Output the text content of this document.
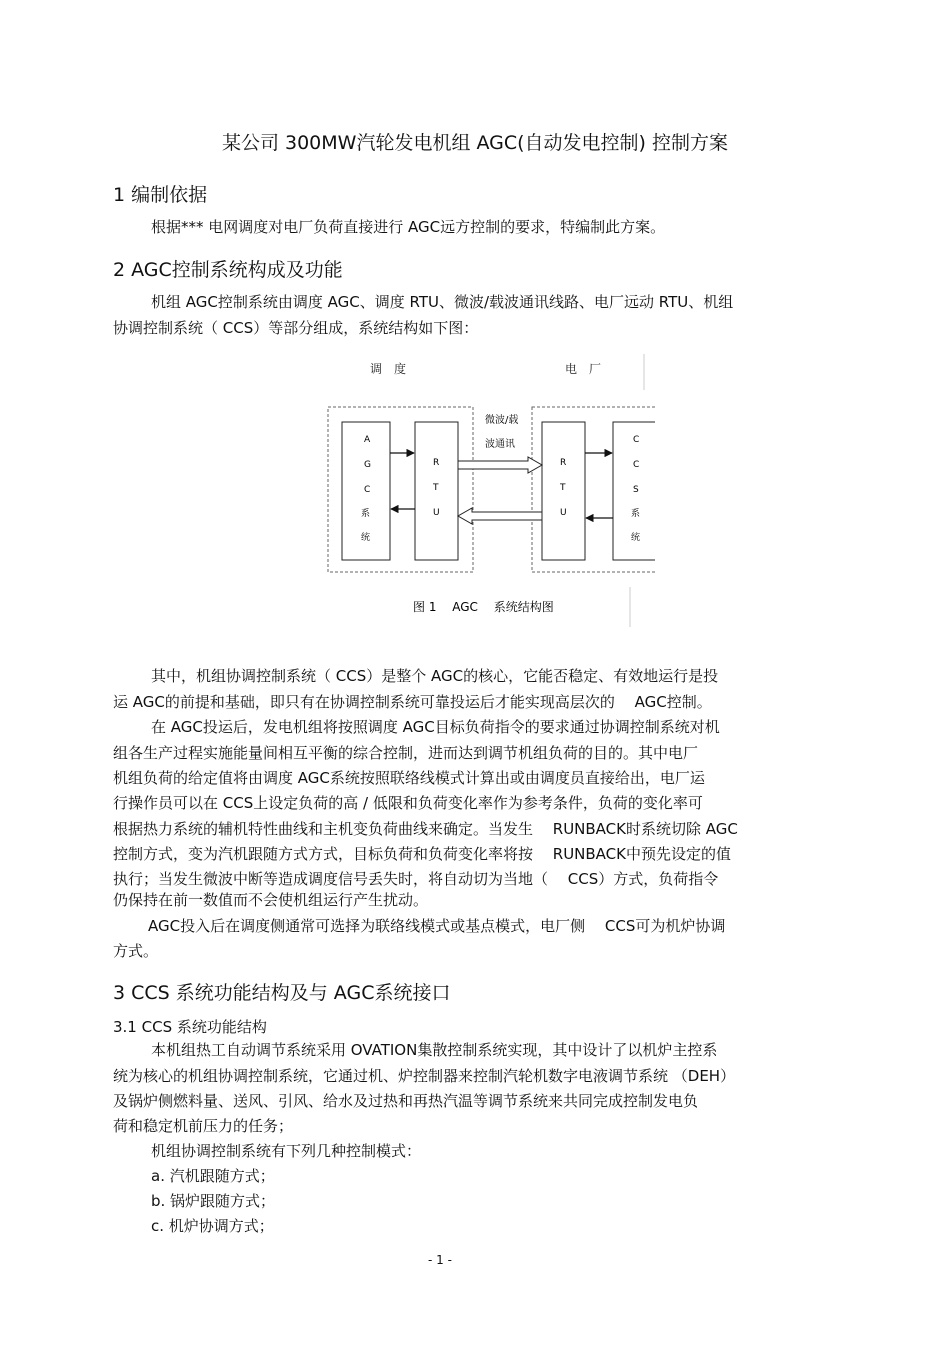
某公司 300MW汽轮发电机组 AGC(自动发电控制) 控制方案
1 编制依据
根据*** 电网调度对电厂负荷直接进行 AGC远方控制的要求，特编制此方案。
2 AGC控制系统构成及功能
机组 AGC控制系统由调度 AGC、调度 RTU、微波/载波通讯线路、电厂远动 RTU、机组
协调控制系统（ CCS）等部分组成，系统结构如下图：
调　度	电　厂
A
G
C
系
统
R
T
U
微波/载
波通讯
R
T
U
C
C
S
系
统
图 1 　AGC 　系统结构图
其中，机组协调控制系统（ CCS）是整个 AGC的核心，它能否稳定、有效地运行是投
运 AGC的前提和基础，即只有在协调控制系统可靠投运后才能实现高层次的 　AGC控制。
在 AGC投运后，发电机组将按照调度 AGC目标负荷指令的要求通过协调控制系统对机
组各生产过程实施能量间相互平衡的综合控制，进而达到调节机组负荷的目的。其中电厂
机组负荷的给定值将由调度 AGC系统按照联络线模式计算出或由调度员直接给出，电厂运
行操作员可以在 CCS上设定负荷的高 / 低限和负荷变化率作为参考条件，负荷的变化率可
根据热力系统的辅机特性曲线和主机变负荷曲线来确定。当发生 　RUNBACK时系统切除 AGC
控制方式，变为汽机跟随方式方式，目标负荷和负荷变化率将按 　RUNBACK中预先设定的值
执行；当发生微波中断等造成调度信号丢失时，将自动切为当地（ 　CCS）方式，负荷指令
仍保持在前一数值而不会使机组运行产生扰动。
AGC投入后在调度侧通常可选择为联络线模式或基点模式，电厂侧 　CCS可为机炉协调
方式。
3 CCS 系统功能结构及与 AGC系统接口
3.1 CCS 系统功能结构
本机组热工自动调节系统采用 OVATION集散控制系统实现，其中设计了以机炉主控系
统为核心的机组协调控制系统，它通过机、炉控制器来控制汽轮机数字电液调节系统 （DEH）
及锅炉侧燃料量、送风、引风、给水及过热和再热汽温等调节系统来共同完成控制发电负
荷和稳定机前压力的任务；
机组协调控制系统有下列几种控制模式：
a. 汽机跟随方式；
b. 锅炉跟随方式；
c. 机炉协调方式；
- 1 -
